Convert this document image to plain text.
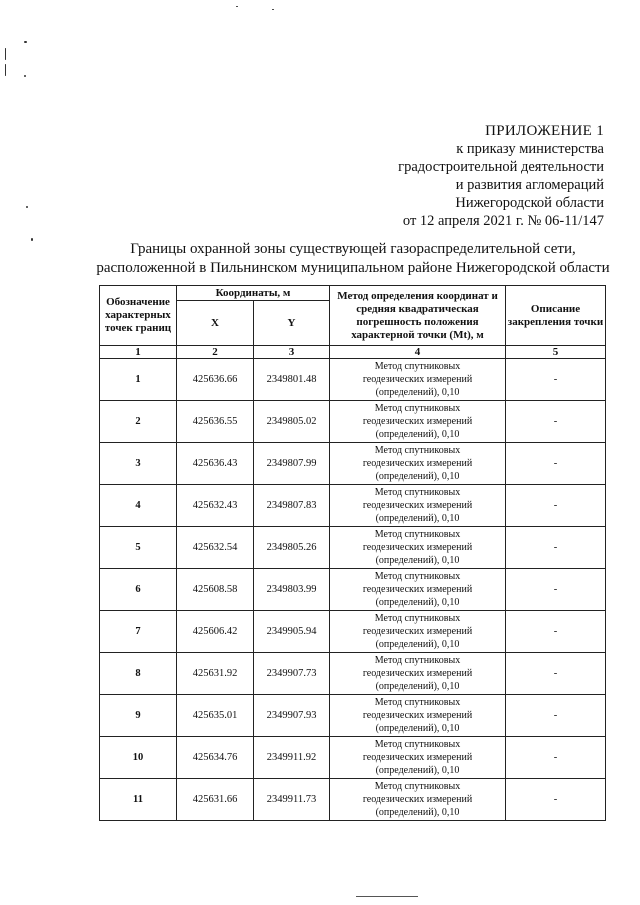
ПРИЛОЖЕНИЕ 1
к приказу министерства
градостроительной деятельности
и развития агломераций
Нижегородской области
от 12 апреля 2021 г. № 06-11/147
Границы охранной зоны существующей газораспределительной сети,
расположенной в Пильнинском муниципальном районе Нижегородской области
Обозначение характерных точек границ	Координаты, м		Метод определения координат и средняя квадратическая погрешность положения характерной точки (Mt), м	Описание закрепления точки
	X	Y		
1	2	3	4	5
1	425636.66	2349801.48	Метод спутниковых
геодезических измерений
(определений), 0,10	-
2	425636.55	2349805.02	Метод спутниковых
геодезических измерений
(определений), 0,10	-
3	425636.43	2349807.99	Метод спутниковых
геодезических измерений
(определений), 0,10	-
4	425632.43	2349807.83	Метод спутниковых
геодезических измерений
(определений), 0,10	-
5	425632.54	2349805.26	Метод спутниковых
геодезических измерений
(определений), 0,10	-
6	425608.58	2349803.99	Метод спутниковых
геодезических измерений
(определений), 0,10	-
7	425606.42	2349905.94	Метод спутниковых
геодезических измерений
(определений), 0,10	-
8	425631.92	2349907.73	Метод спутниковых
геодезических измерений
(определений), 0,10	-
9	425635.01	2349907.93	Метод спутниковых
геодезических измерений
(определений), 0,10	-
10	425634.76	2349911.92	Метод спутниковых
геодезических измерений
(определений), 0,10	-
11	425631.66	2349911.73	Метод спутниковых
геодезических измерений
(определений), 0,10	-
